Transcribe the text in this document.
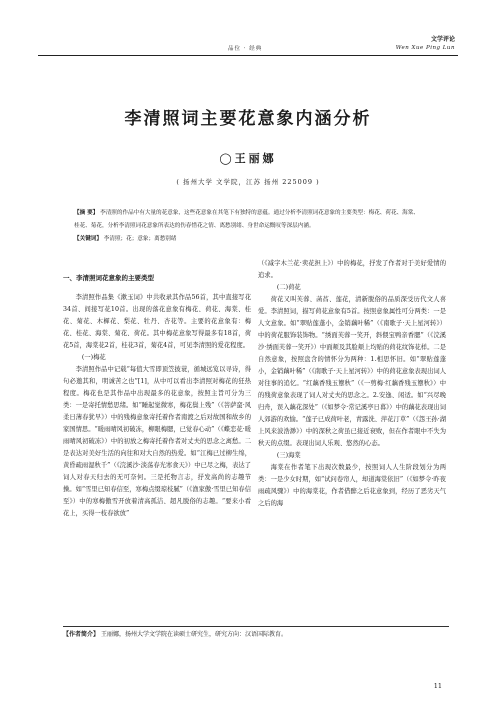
品位 · 经典
文学评论
Wen Xue Ping Lun
李清照词主要花意象内涵分析
◯王丽娜
( 扬州大学 文学院，江苏 扬州 225009 )
【摘 要】 李清照的作品中有大量的花意象，这些花意象在其笔下有独特的意蕴。通过分析李清照词花意象的主要类型：梅花、荷花、海棠、桂花、菊花，分析李清照词花意象所表达的伤春惜花之情、离愁别绪、身世命运慨叹等深层内涵。
【关键词】 李清照；花；意象；离愁别绪

一、李清照词花意象的主要类型

李清照作品集《漱玉词》中共收录其作品56首，其中直接写花34首、间接写花10首。出现的落花意象有梅花、荷花、海棠、桂花、菊花、木樨花、梨花、牡丹、杏花等。主要的花意象有：梅花、桂花、海棠、菊花、荷花。其中梅花意象写得最多有18首，荷花5首，海棠花2首，桂花3首，菊花4首，可见李清照的爱花程度。

(一)梅花

李清照作品中记载“每值大雪即顶笠披蓑，循城远览以寻诗，得句必邀其和，明诚苦之也”[1]，从中可以看出李清照对梅花的狂热程度。梅花也是其作品中出现最多的花意象，按照主旨可分为三类：一是寄托情愁思绪。如“睡起觉微寒，梅花鬓上残”（《菩萨蛮·风柔日薄春犹早》）中的残梅意象寄托着作者南渡之后对故国和故乡的家国情思。“暖雨晴风初破冻，柳眼梅腮，已觉春心动”（《蝶恋花·暖雨晴风初破冻》）中的初放之梅寄托着作者对丈夫的思念之离愁。二是表达对美好生活的向往和对大自然的热爱。如“江梅已过柳生绵，黄昏疏雨湿秋千”（《浣溪沙·淡荡春光寒食天》）中已尽之梅，表达了词人对春天归去的无可奈何。三是托物言志，抒发高尚的志趣节操。如“雪里已知春信至，寒梅点缀琼枝腻”（《渔家傲·雪里已知春信至》）中的寒梅傲雪开放着清高孤洁、超凡脱俗的志趣。“要来小看花上，买得一枝春欲放”

（《减字木兰花·卖花担上》）中的梅花，抒发了作者对于美好爱情的追求。

(二)荷花

荷花又叫芙蓉、菡萏、莲花，清新脱俗的品质深受历代文人喜爱。李清照词，描写荷花意象有5首。按照意象属性可分两类：一是人文意象。如“翠贴莲蓬小，金销藕叶稀”（《南歌子·天上星河转》）中的荷花服饰装饰物。“绣面芙蓉一笑开，斜偎宝鸭亲香腮”（《浣溪沙·绣面芙蓉一笑开》）中面颊及其脸颊上均贴的荷花纹饰花样。二是自然意象，按照盘含的情怀分为两种：1.相思怀旧。如“翠贴莲蓬小，金销藕叶稀”（《南歌子·天上星河转》）中的荷花意象表现出词人对往事的追忆。“红藕香残玉簟秋”（《一剪梅·红藕香残玉簟秋》）中的残荷意象表现了词人对丈夫的思念之。2.安逸、闲适。如“兴尽晚归舟，误入藕花深处”（《如梦令·常记溪亭日暮》）中的藕花表现出词人郊游的欢愉。“莲子已成荷叶老，青露洗、萍花汀草”（《怨王孙·湖上风来波浩渺》）中的深秋之荷虽已接近衰败，但在作者眼中不失为秋天的点缀。表现出词人乐观、悠然的心态。

(三)海棠

海棠在作者笔下出现次数最少，按照词人人生阶段划分为两类：一是少女时期，如“试问卷帘人，却道海棠依旧”（《如梦令·昨夜雨疏风骤》）中的海棠花，作者借醉之后花意象到，经历了恶劣天气之后的海

【作者简介】 王丽娜，扬州大学文学院在读硕士研究生，研究方向：汉语国际教育。
11
